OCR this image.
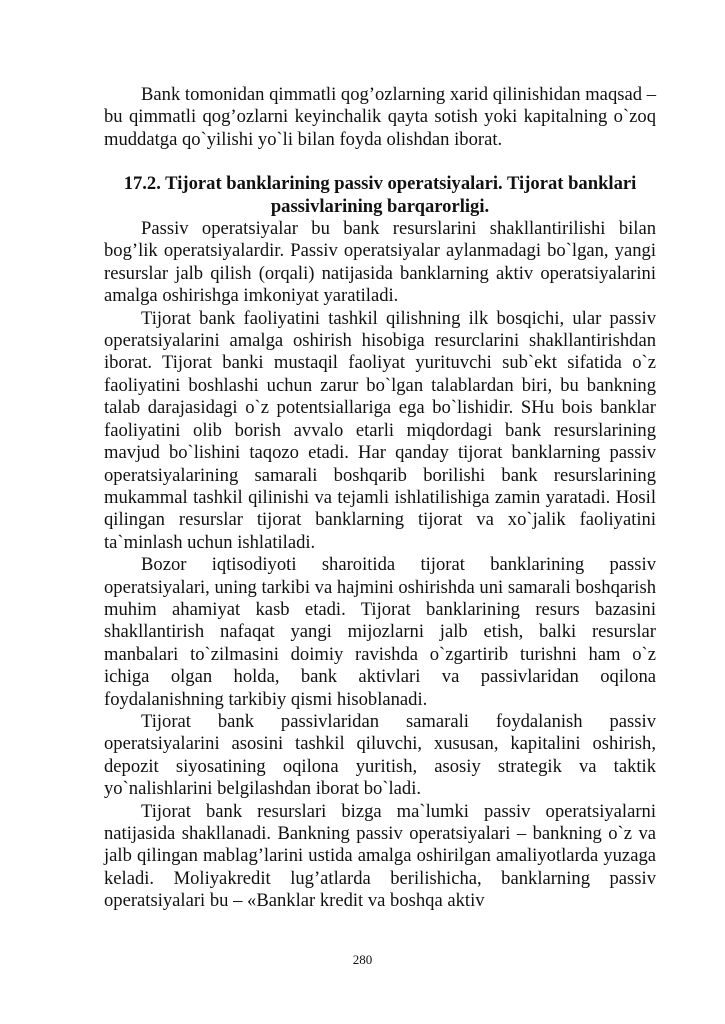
Bank tomonidan qimmatli qog’ozlarning xarid qilinishidan maqsad – bu qimmatli qog’ozlarni keyinchalik qayta sotish yoki kapitalning o`zoq muddatga qo`yilishi yo`li bilan foyda olishdan iborat.

17.2. Tijorat banklarining passiv operatsiyalari. Tijorat banklari passivlarining barqarorligi.

Passiv operatsiyalar bu bank resurslarini shakllantirilishi bilan bog’lik operatsiyalardir. Passiv operatsiyalar aylanmadagi bo`lgan, yangi resurslar jalb qilish (orqali) natijasida banklarning aktiv operatsiyalarini amalga oshirishga imkoniyat yaratiladi.

Tijorat bank faoliyatini tashkil qilishning ilk bosqichi, ular passiv operatsiyalarini amalga oshirish hisobiga resurclarini shakllantirishdan iborat. Tijorat banki mustaqil faoliyat yurituvchi sub`ekt sifatida o`z faoliyatini boshlashi uchun zarur bo`lgan talablardan biri, bu bankning talab darajasidagi o`z potentsiallariga ega bo`lishidir. SHu bois banklar faoliyatini olib borish avvalo etarli miqdordagi bank resurslarining mavjud bo`lishini taqozo etadi. Har qanday tijorat banklarning passiv operatsiyalarining samarali boshqarib borilishi bank resurslarining mukammal tashkil qilinishi va tejamli ishlatilishiga zamin yaratadi. Hosil qilingan resurslar tijorat banklarning tijorat va xo`jalik faoliyatini ta`minlash uchun ishlatiladi.

Bozor iqtisodiyoti sharoitida tijorat banklarining passiv operatsiyalari, uning tarkibi va hajmini oshirishda uni samarali boshqarish muhim ahamiyat kasb etadi. Tijorat banklarining resurs bazasini shakllantirish nafaqat yangi mijozlarni jalb etish, balki resurslar manbalari to`zilmasini doimiy ravishda o`zgartirib turishni ham o`z ichiga olgan holda, bank aktivlari va passivlaridan oqilona foydalanishning tarkibiy qismi hisoblanadi.

Tijorat bank passivlaridan samarali foydalanish passiv operatsiyalarini asosini tashkil qiluvchi, xususan, kapitalini oshirish, depozit siyosatining oqilona yuritish, asosiy strategik va taktik yo`nalishlarini belgilashdan iborat bo`ladi.

Tijorat bank resurslari bizga ma`lumki passiv operatsiyalarni natijasida shakllanadi. Bankning passiv operatsiyalari – bankning o`z va jalb qilingan mablag’larini ustida amalga oshirilgan amaliyotlarda yuzaga keladi. Moliyakredit lug’atlarda berilishicha, banklarning passiv operatsiyalari bu – «Banklar kredit va boshqa aktiv

280
